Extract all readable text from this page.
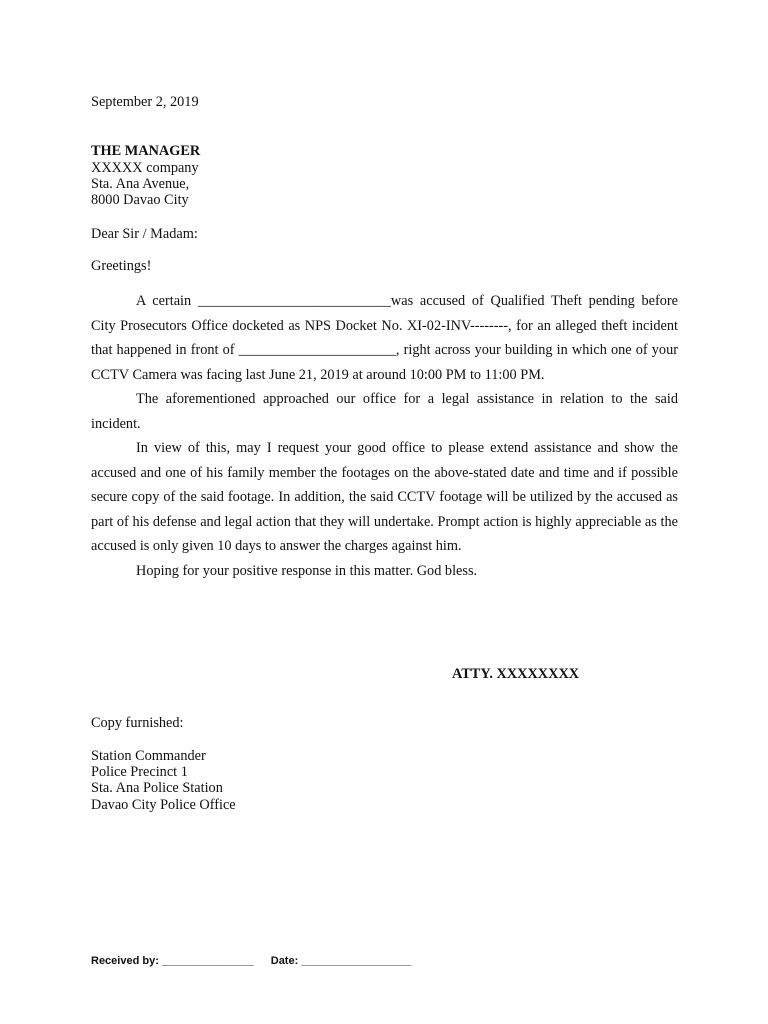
September 2, 2019
THE MANAGER
XXXXX company
Sta. Ana Avenue,
8000 Davao City
Dear Sir / Madam:
Greetings!

A certain ___________________________was accused of Qualified Theft pending before City Prosecutors Office docketed as NPS Docket No. XI-02-INV--------, for an alleged theft incident that happened in front of ______________________, right across your building in which one of your CCTV Camera was facing last June 21, 2019 at around 10:00 PM to 11:00 PM.

The aforementioned approached our office for a legal assistance in relation to the said incident.

In view of this, may I request your good office to please extend assistance and show the accused and one of his family member the footages on the above-stated date and time and if possible secure copy of the said footage. In addition, the said CCTV footage will be utilized by the accused as part of his defense and legal action that they will undertake. Prompt action is highly appreciable as the accused is only given 10 days to answer the charges against him.

Hoping for your positive response in this matter. God bless.

ATTY. XXXXXXXX
Copy furnished:
Station Commander
Police Precinct 1
Sta. Ana Police Station
Davao City Police Office
Received by: _______________ Date: __________________
